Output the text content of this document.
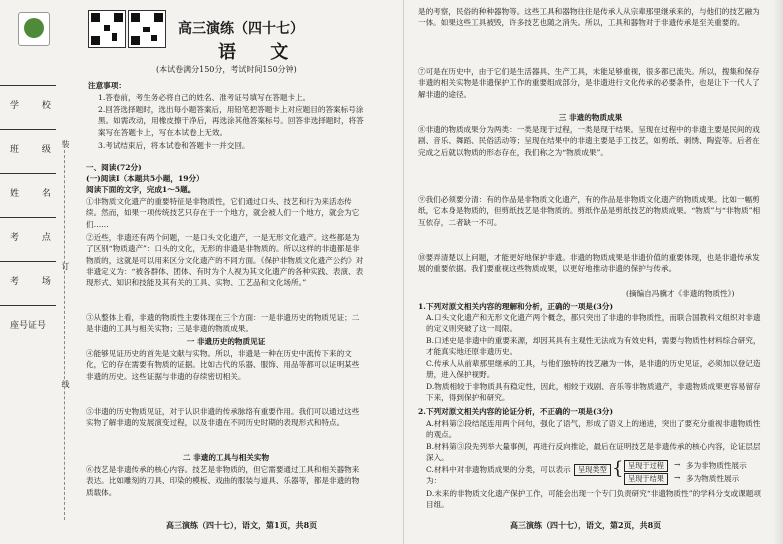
学 校
班 级
姓 名
考 点
考 场
座号证号
装
订
线
高三演练（四十七）
语 文
(本试卷满分150分，考试时间150分钟)
注意事项：
1.答卷前，考生务必将自己的姓名、准考证号填写在答题卡上。
2.回答选择题时，选出每小题答案后，用铅笔把答题卡上对应题目的答案标号涂黑。如需改动，用橡皮擦干净后，再选涂其他答案标号。回答非选择题时，将答案写在答题卡上，写在本试卷上无效。
3.考试结束后，将本试卷和答题卡一并交回。
一、阅读(72分)
(一)阅读Ⅰ（本题共5小题，19分）
阅读下面的文字，完成1～5题。
①非物质文化遗产的重要特征是非物质性，它们通过口头、技艺和行为来活态传续。然而，如果一项传统技艺只存在于一个地方，就会被人们一个地方，就会为它们……
②近些，非遗还有两个问题，一是口头文化遗产，一是无形文化遗产。这些都是为了区别“物质遗产”：口头的文化，无形的非遗是非物质的。所以这样的非遗都是非物质的，这就是可以用来区分文化遗产的不同方面。《保护非物质文化遗产公约》对非遗定义为：“被各群体、团体、有时为个人视为其文化遗产的各种实践、表演、表现形式、知识和技能及其有关的工具、实物、工艺品和文化场所。”
③从整体上看，非遗的物质性主要体现在三个方面：一是非遗历史的物质见证；二是非遗的工具与相关实物；三是非遗的物质成果。
一 非遗历史的物质见证
④能够见证历史的首先是文献与实物。所以，非遗是一种在历史中流传下来的文化，它的存在需要有物质的证据。比如古代的乐器、服饰、用品等都可以证明某些非遗的历史。这些证据与非遗的存续密切相关。
⑤非遗的历史物质见证，对于认识非遗的传承脉络有重要作用。我们可以通过这些实物了解非遗的发展演变过程，以及非遗在不同历史时期的表现形式和特点。
二 非遗的工具与相关实物
⑥技艺是非遗传承的核心内容。技艺是非物质的，但它需要通过工具和相关器物来表达。比如雕刻的刀具、印染的模板、戏曲的服装与道具、乐器等，都是非遗的物质载体。
高三演练（四十七），语文，第1页，共8页
是的考察，民俗的种种器物等。这些工具和器物往往是传承人从宗辈那里继承来的，与他们的技艺融为一体。如果这些工具被毁，许多技艺也随之消失。所以，工具和器物对于非遗传承是至关重要的。
⑦可是在历史中，由于它们是生活器具、生产工具，未能足够重视，很多都已流失。所以，搜集和保存非遗的相关实物是非遗保护工作的重要组成部分，是非遗进行文化传承的必要条件，也是让下一代人了解非遗的途径。
三 非遗的物质成果
⑧非遗的物质成果分为两类：一类是现于过程，一类是现于结果。呈现在过程中的非遗主要是民间的戏剧、音乐、舞蹈、民俗活动等；呈现在结果中的非遗主要是手工技艺，如剪纸、刺绣、陶瓷等。后者在完成之后就以物质的形态存在，我们称之为“物质成果”。
⑨我们必须要分清：有的作品是非物质文化遗产，有的作品是非物质文化遗产的物质成果。比如一幅剪纸，它本身是物质的，但剪纸技艺是非物质的。剪纸作品是剪纸技艺的物质成果。“物质”与“非物质”相互依存，二者缺一不可。
⑩要弄清楚以上问题，才能更好地保护非遗。非遗的物质成果是非遗价值的重要体现，也是非遗传承发展的重要依据。我们要重视这些物质成果，以更好地推动非遗的保护与传承。
(摘编自冯骥才《非遗的物质性》)
1.下列对原文相关内容的理解和分析，正确的一项是(3分)
A.口头文化遗产和无形文化遗产两个概念，都只突出了非遗的非物质性，而联合国教科文组织对非遗的定义则突破了这一局限。
B.口述史是非遗中的重要来源，却因其具有主观性无法成为有效史料，需要与物质性材料综合研究，才能真实地还原非遗历史。
C.传承人从前辈那里继承的工具，与他们独特的技艺融为一体，是非遗的历史见证，必须加以登记造册，进入保护视野。
D.物质相较于非物质具有稳定性，因此，相较于戏剧、音乐等非物质遗产，非遗物质成果更容易留存下来，得到保护和研究。
2.下列对原文相关内容的论证分析，不正确的一项是(3分)
A.材料第②段结尾连用两个问句，强化了语气，形成了语义上的递进，突出了要充分重视非遗物质性的观点。
B.材料第③段先列举大量事例，再进行反向推论，最后在证明技艺是非遗传承的核心内容，论证层层深入。
C.材料中对非遗物质成果的分类，可以表示为：
呈现类型 { 呈现于过程
呈现于结果
→
→
多为非物质性展示
多为物质性展示
D.未来的非物质文化遗产保护工作，可能会出现一个专门负责研究“非遗物质性”的学科分支或课题项目组。
高三演练（四十七），语文，第2页，共8页
